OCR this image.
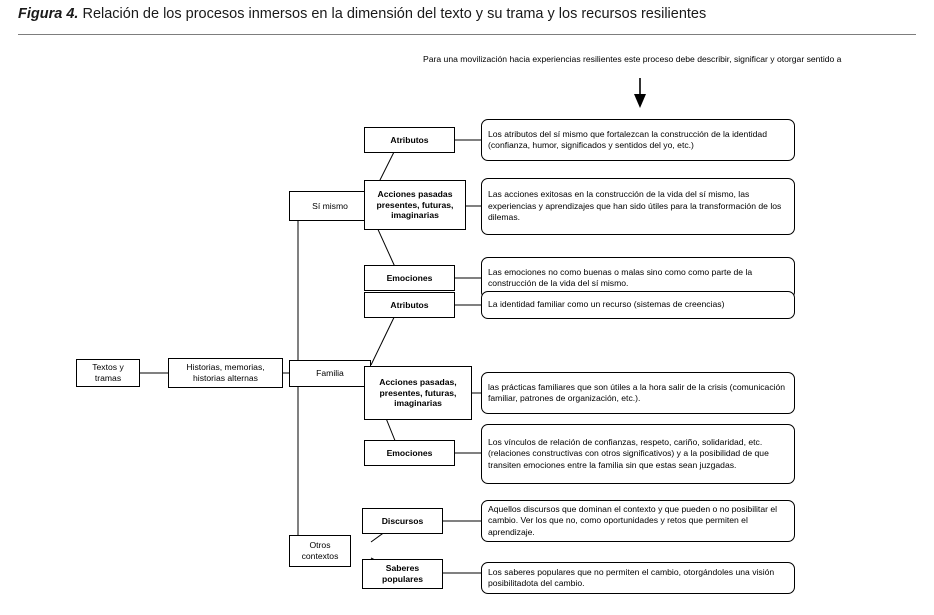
Figura 4. Relación de los procesos inmersos en la dimensión del texto y su trama y los recursos resilientes
Para una movilización hacia experiencias resilientes este proceso debe describir, significar y otorgar sentido a
Textos y tramas
Historias, memorias, historias alternas
Sí mismo
Familia
Otros contextos
Atributos
Acciones pasadas presentes, futuras, imaginarias
Emociones
Los atributos del sí mismo que fortalezcan la construcción de la identidad (confianza, humor, significados y sentidos del yo, etc.)
Las acciones exitosas en la construcción de la vida del sí mismo, las experiencias y aprendizajes que han sido útiles para la transformación de los dilemas.
Las emociones no como buenas o malas sino como como parte de la construcción de la vida del sí mismo.
Atributos
Acciones pasadas, presentes, futuras, imaginarias
Emociones
La identidad familiar como un recurso (sistemas de creencias)
las prácticas familiares que son útiles a la hora salir de la crisis (comunicación familiar, patrones de organización, etc.).
Los vínculos de relación de confianzas, respeto, cariño, solidaridad, etc. (relaciones constructivas con otros significativos) y a la posibilidad de que transiten emociones entre la familia sin que estas sean juzgadas.
Discursos
Saberes populares
Aquellos discursos que dominan el contexto y que pueden o no posibilitar el cambio. Ver los que no, como oportunidades y retos que permiten el aprendizaje.
Los saberes populares que no permiten el cambio, otorgándoles una visión posibilitadota del cambio.
